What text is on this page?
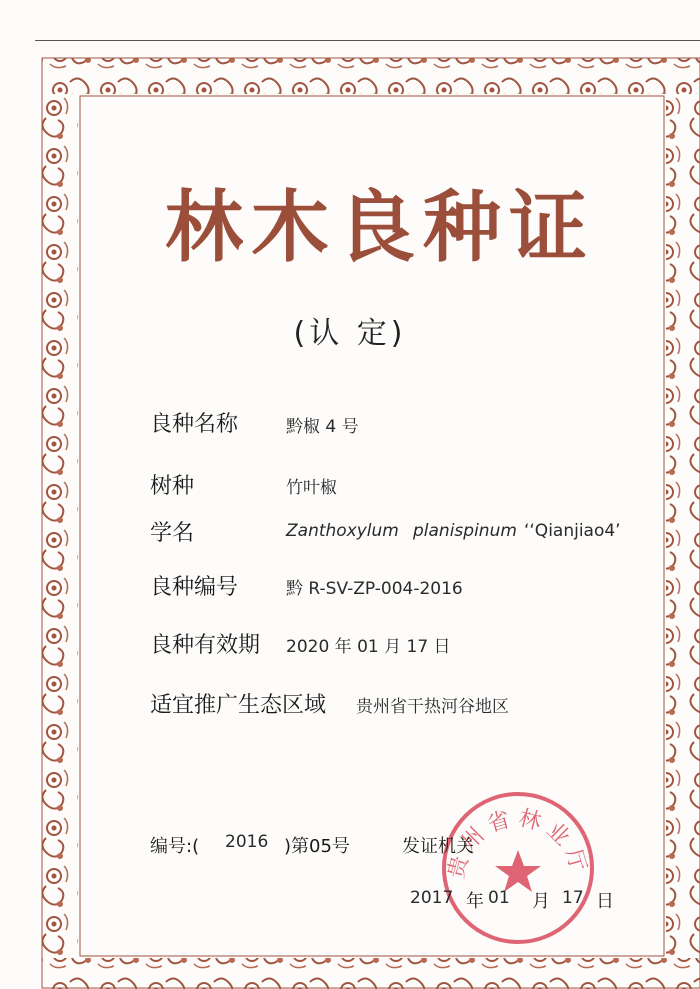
林木良种证
(认 定)
良种名称	黔椒 4 号
树种	竹叶椒
学名	Zanthoxylum planispinum ‘‘Qianjiao4’
良种编号	黔 R-SV-ZP-004-2016
良种有效期 2020 年 01 月 17 日
适宜推广生态区域 贵州省干热河谷地区
贵州省林业厅
编号:( 2016 )第05号	发证机关
2017 年 01 月 17 日
